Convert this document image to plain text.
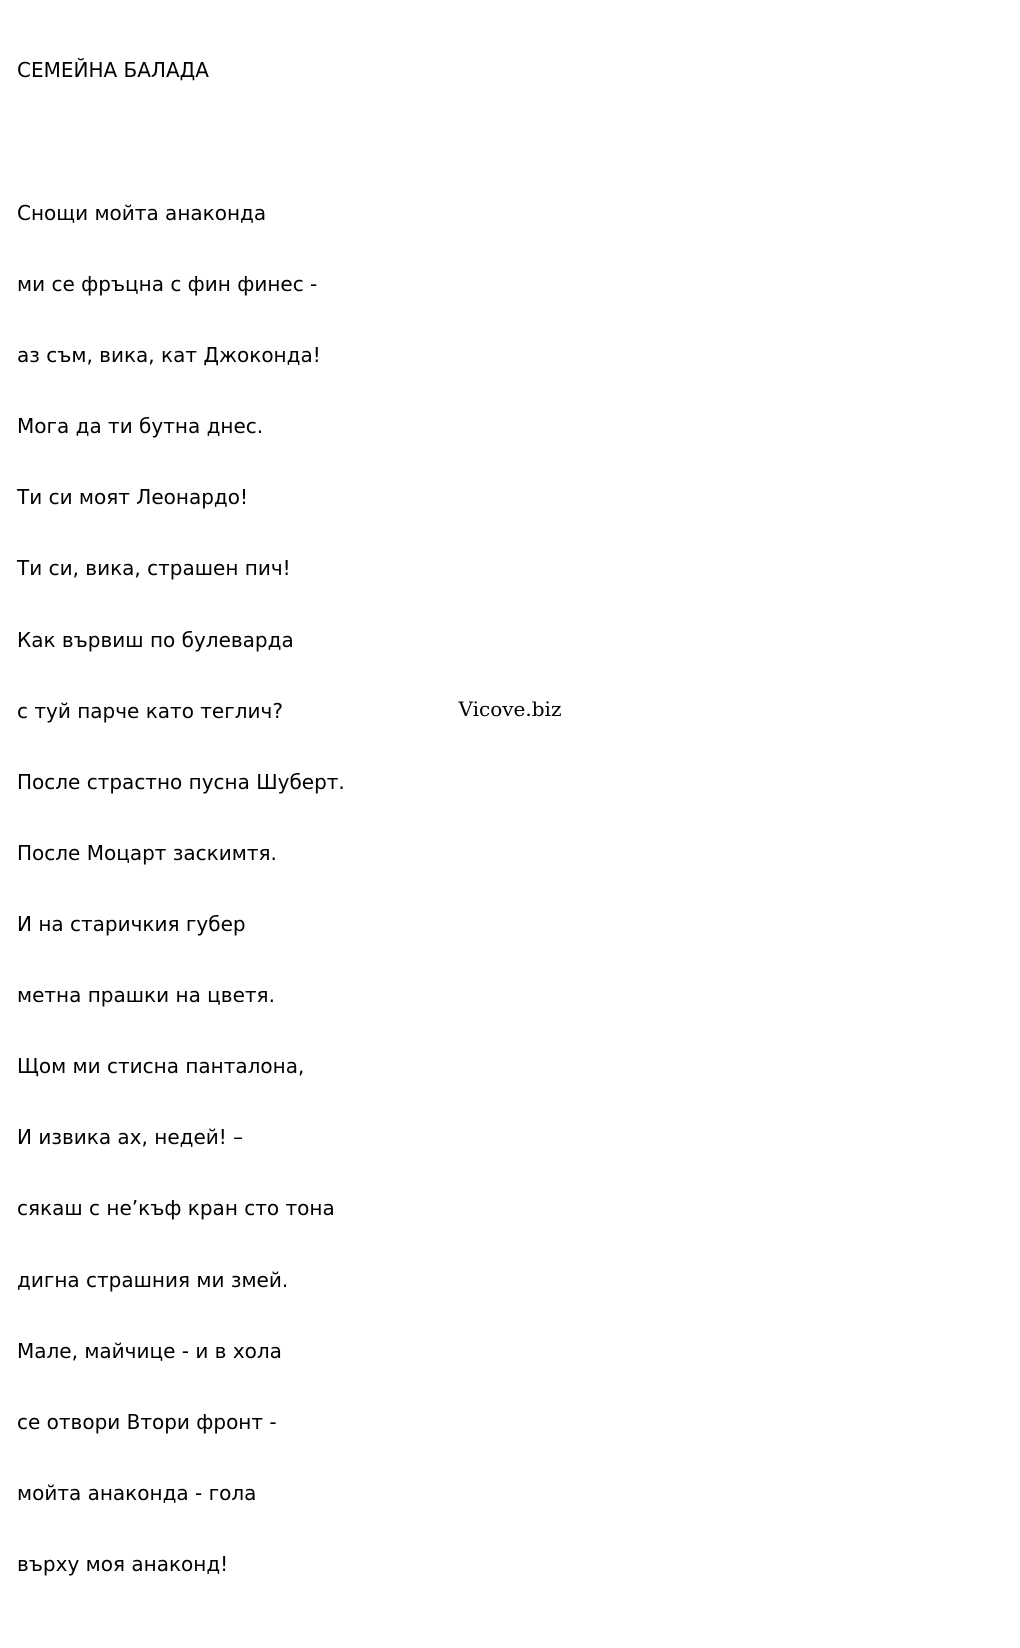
СЕМЕЙНА БАЛАДА

Снощи мойта анаконда

ми се фръцна с фин финес -

аз съм, вика, кат Джоконда!

Мога да ти бутна днес.

Ти си моят Леонардо!

Ти си, вика, страшен пич!

Как вървиш по булеварда

с туй парче като теглич?

После страстно пусна Шуберт.

После Моцарт заскимтя.

И на старичкия губер

метна прашки на цветя.

Щом ми стисна панталона,

И извика ах, недей! –

сякаш с не’къф кран сто тона

дигна страшния ми змей.

Мале, майчице - и в хола

се отвори Втори фронт -

мойта анаконда - гола

върху моя анаконд!

Vicove.biz
